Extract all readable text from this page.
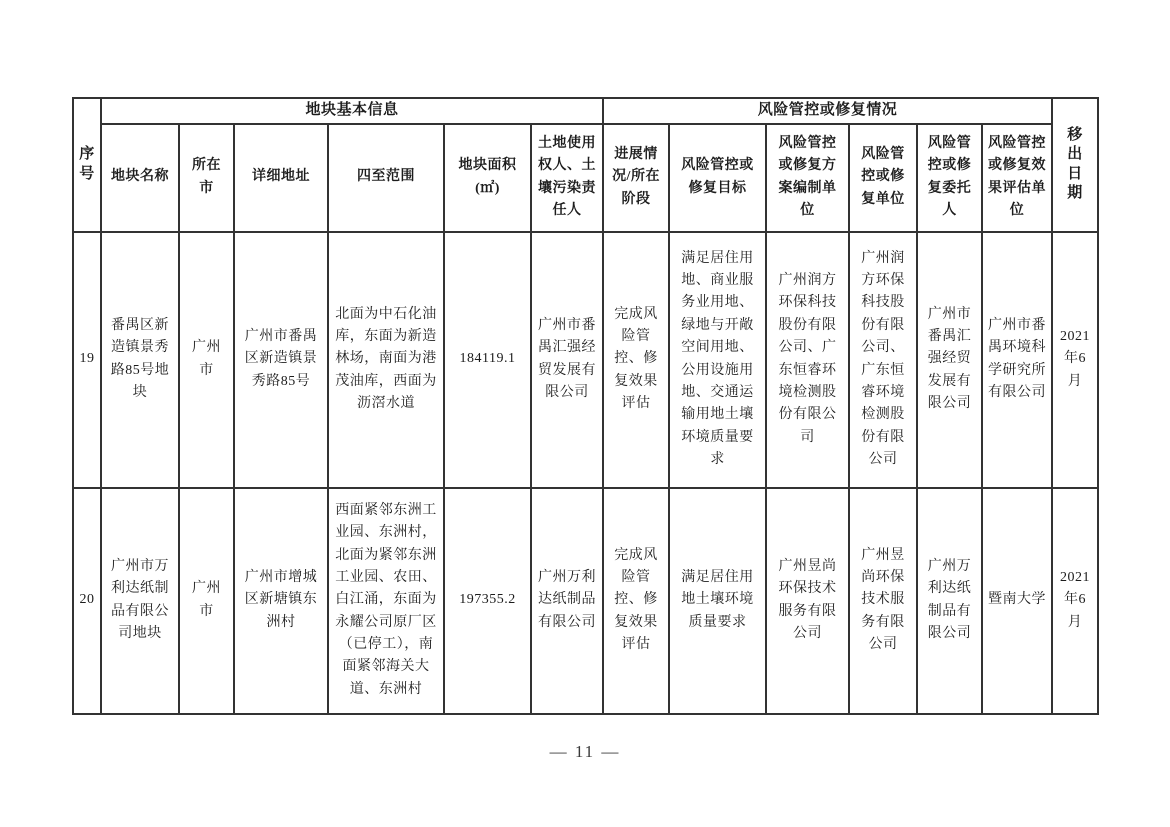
序号	地块基本信息						风险管控或修复情况						移出日期
	地块名称	所在市	详细地址	四至范围	地块面积(㎡)	土地使用权人、土壤污染责任人	进展情况/所在阶段	风险管控或修复目标	风险管控或修复方案编制单位	风险管控或修复单位	风险管控或修复委托人	风险管控或修复效果评估单位	
19	番禺区新造镇景秀路85号地块	广州市	广州市番禺区新造镇景秀路85号	北面为中石化油库，东面为新造林场，南面为港茂油库，西面为沥滘水道	184119.1	广州市番禺汇强经贸发展有限公司	完成风险管控、修复效果评估	满足居住用地、商业服务业用地、绿地与开敞空间用地、公用设施用地、交通运输用地土壤环境质量要求	广州润方环保科技股份有限公司、广东恒睿环境检测股份有限公司	广州润方环保科技股份有限公司、广东恒睿环境检测股份有限公司	广州市番禺汇强经贸发展有限公司	广州市番禺环境科学研究所有限公司	2021年6月
20	广州市万利达纸制品有限公司地块	广州市	广州市增城区新塘镇东洲村	西面紧邻东洲工业园、东洲村，北面为紧邻东洲工业园、农田、白江涌，东面为永耀公司原厂区（已停工），南面紧邻海关大道、东洲村	197355.2	广州万利达纸制品有限公司	完成风险管控、修复效果评估	满足居住用地土壤环境质量要求	广州昱尚环保技术服务有限公司	广州昱尚环保技术服务有限公司	广州万利达纸制品有限公司	暨南大学	2021年6月
— 11 —
